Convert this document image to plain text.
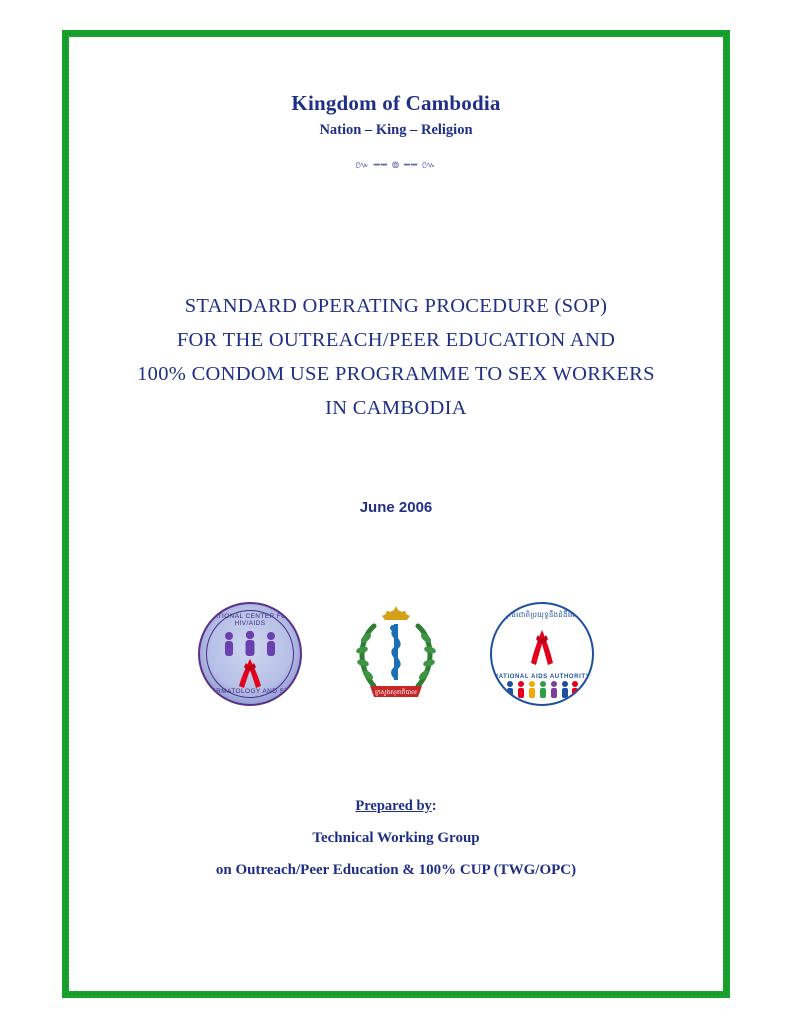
Kingdom of Cambodia
Nation – King – Religion
៚ ━━ ៙ ━━ ៚
STANDARD OPERATING PROCEDURE (SOP)
FOR THE OUTREACH/PEER EDUCATION AND
100% CONDOM USE PROGRAMME TO SEX WORKERS
IN CAMBODIA
June 2006
NATIONAL CENTER FOR HIV/AIDS
DERMATOLOGY AND STD	ក្រសួងសុខាភិបាល
អាជ្ញាធរជាតិប្រយុទ្ធនឹងជំងឺអេដស៍
NATIONAL AIDS AUTHORITY
Prepared by:
Technical Working Group
on Outreach/Peer Education & 100% CUP (TWG/OPC)
